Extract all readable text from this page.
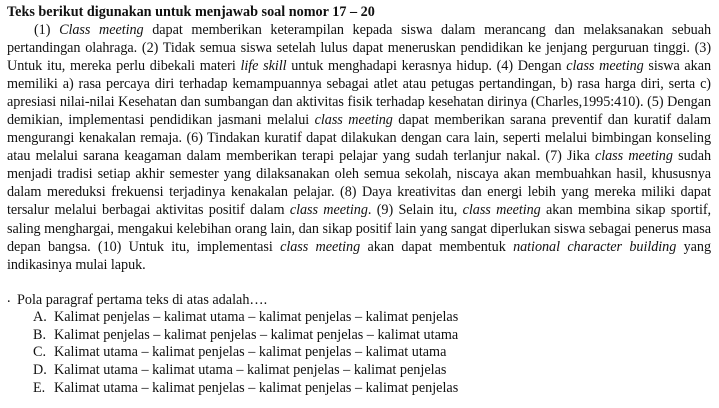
Teks berikut digunakan untuk menjawab soal nomor 17 – 20

(1) Class meeting dapat memberikan keterampilan kepada siswa dalam merancang dan melaksanakan sebuah pertandingan olahraga. (2) Tidak semua siswa setelah lulus dapat meneruskan pendidikan ke jenjang perguruan tinggi. (3) Untuk itu, mereka perlu dibekali materi life skill untuk menghadapi kerasnya hidup. (4) Dengan class meeting siswa akan memiliki a) rasa percaya diri terhadap kemampuannya sebagai atlet atau petugas pertandingan, b) rasa harga diri, serta c) apresiasi nilai-nilai Kesehatan dan sumbangan dan aktivitas fisik terhadap kesehatan dirinya (Charles,1995:410). (5) Dengan demikian, implementasi pendidikan jasmani melalui class meeting dapat memberikan sarana preventif dan kuratif dalam mengurangi kenakalan remaja. (6) Tindakan kuratif dapat dilakukan dengan cara lain, seperti melalui bimbingan konseling atau melalui sarana keagaman dalam memberikan terapi pelajar yang sudah terlanjur nakal. (7) Jika class meeting sudah menjadi tradisi setiap akhir semester yang dilaksanakan oleh semua sekolah, niscaya akan membuahkan hasil, khususnya dalam mereduksi frekuensi terjadinya kenakalan pelajar. (8) Daya kreativitas dan energi lebih yang mereka miliki dapat tersalur melalui berbagai aktivitas positif dalam class meeting. (9) Selain itu, class meeting akan membina sikap sportif, saling menghargai, mengakui kelebihan orang lain, dan sikap positif lain yang sangat diperlukan siswa sebagai penerus masa depan bangsa. (10) Untuk itu, implementasi class meeting akan dapat membentuk national character building yang indikasinya mulai lapuk.

. Pola paragraf pertama teks di atas adalah….
A. Kalimat penjelas – kalimat utama – kalimat penjelas – kalimat penjelas
B. Kalimat penjelas – kalimat penjelas – kalimat penjelas – kalimat utama
C. Kalimat utama – kalimat penjelas – kalimat penjelas – kalimat utama
D. Kalimat utama – kalimat utama – kalimat penjelas – kalimat penjelas
E. Kalimat utama – kalimat penjelas – kalimat penjelas – kalimat penjelas
